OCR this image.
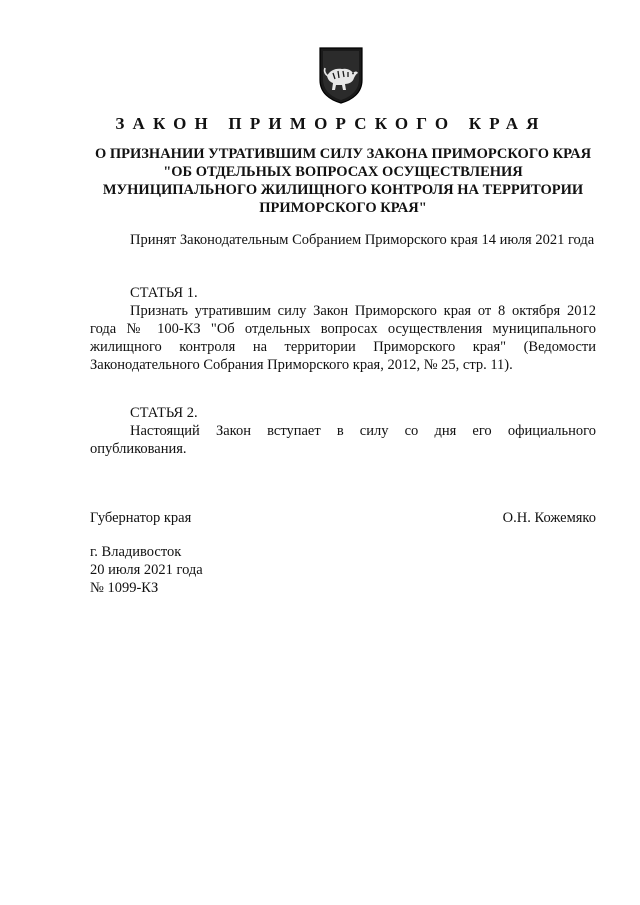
ЗАКОН ПРИМОРСКОГО КРАЯ

О ПРИЗНАНИИ УТРАТИВШИМ СИЛУ ЗАКОНА ПРИМОРСКОГО КРАЯ "ОБ ОТДЕЛЬНЫХ ВОПРОСАХ ОСУЩЕСТВЛЕНИЯ МУНИЦИПАЛЬНОГО ЖИЛИЩНОГО КОНТРОЛЯ НА ТЕРРИТОРИИ ПРИМОРСКОГО КРАЯ"

Принят Законодательным Собранием Приморского края 14 июля 2021 года

СТАТЬЯ 1.

Признать утратившим силу Закон Приморского края от 8 октября 2012 года № 100-КЗ "Об отдельных вопросах осуществления муниципального жилищного контроля на территории Приморского края" (Ведомости Законодательного Собрания Приморского края, 2012, № 25, стр. 11).

СТАТЬЯ 2.

Настоящий Закон вступает в силу со дня его официального опубликования.

Губернатор края	О.Н. Кожемяко

г. Владивосток

20 июля 2021 года

№ 1099-КЗ
